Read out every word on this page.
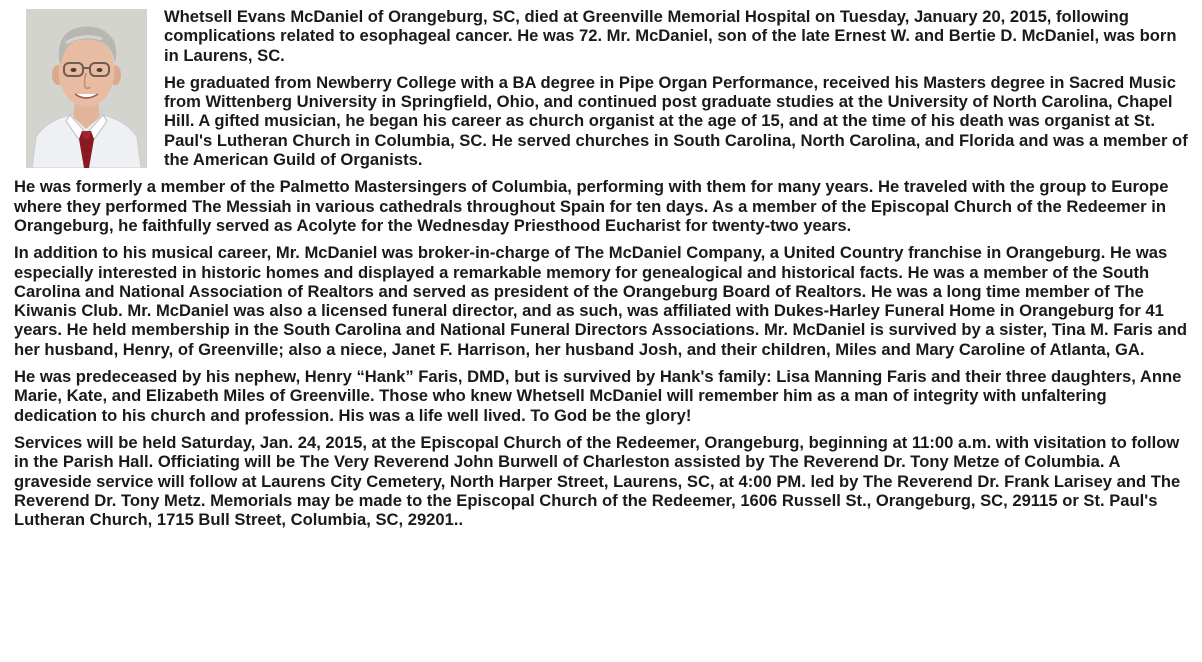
Whetsell Evans McDaniel of Orangeburg, SC, died at Greenville Memorial Hospital on Tuesday, January 20, 2015, following complications related to esophageal cancer. He was 72. Mr. McDaniel, son of the late Ernest W. and Bertie D. McDaniel, was born in Laurens, SC.

He graduated from Newberry College with a BA degree in Pipe Organ Performance, received his Masters degree in Sacred Music from Wittenberg University in Springfield, Ohio, and continued post graduate studies at the University of North Carolina, Chapel Hill. A gifted musician, he began his career as church organist at the age of 15, and at the time of his death was organist at St. Paul's Lutheran Church in Columbia, SC. He served churches in South Carolina, North Carolina, and Florida and was a member of the American Guild of Organists.

He was formerly a member of the Palmetto Mastersingers of Columbia, performing with them for many years. He traveled with the group to Europe where they performed The Messiah in various cathedrals throughout Spain for ten days. As a member of the Episcopal Church of the Redeemer in Orangeburg, he faithfully served as Acolyte for the Wednesday Priesthood Eucharist for twenty-two years.

In addition to his musical career, Mr. McDaniel was broker-in-charge of The McDaniel Company, a United Country franchise in Orangeburg. He was especially interested in historic homes and displayed a remarkable memory for genealogical and historical facts. He was a member of the South Carolina and National Association of Realtors and served as president of the Orangeburg Board of Realtors. He was a long time member of The Kiwanis Club. Mr. McDaniel was also a licensed funeral director, and as such, was affiliated with Dukes-Harley Funeral Home in Orangeburg for 41 years. He held membership in the South Carolina and National Funeral Directors Associations. Mr. McDaniel is survived by a sister, Tina M. Faris and her husband, Henry, of Greenville; also a niece, Janet F. Harrison, her husband Josh, and their children, Miles and Mary Caroline of Atlanta, GA.

He was predeceased by his nephew, Henry “Hank” Faris, DMD, but is survived by Hank's family: Lisa Manning Faris and their three daughters, Anne Marie, Kate, and Elizabeth Miles of Greenville. Those who knew Whetsell McDaniel will remember him as a man of integrity with unfaltering dedication to his church and profession. His was a life well lived. To God be the glory!

Services will be held Saturday, Jan. 24, 2015, at the Episcopal Church of the Redeemer, Orangeburg, beginning at 11:00 a.m. with visitation to follow in the Parish Hall. Officiating will be The Very Reverend John Burwell of Charleston assisted by The Reverend Dr. Tony Metze of Columbia. A graveside service will follow at Laurens City Cemetery, North Harper Street, Laurens, SC, at 4:00 PM. led by The Reverend Dr. Frank Larisey and The Reverend Dr. Tony Metz. Memorials may be made to the Episcopal Church of the Redeemer, 1606 Russell St., Orangeburg, SC, 29115 or St. Paul's Lutheran Church, 1715 Bull Street, Columbia, SC, 29201..
